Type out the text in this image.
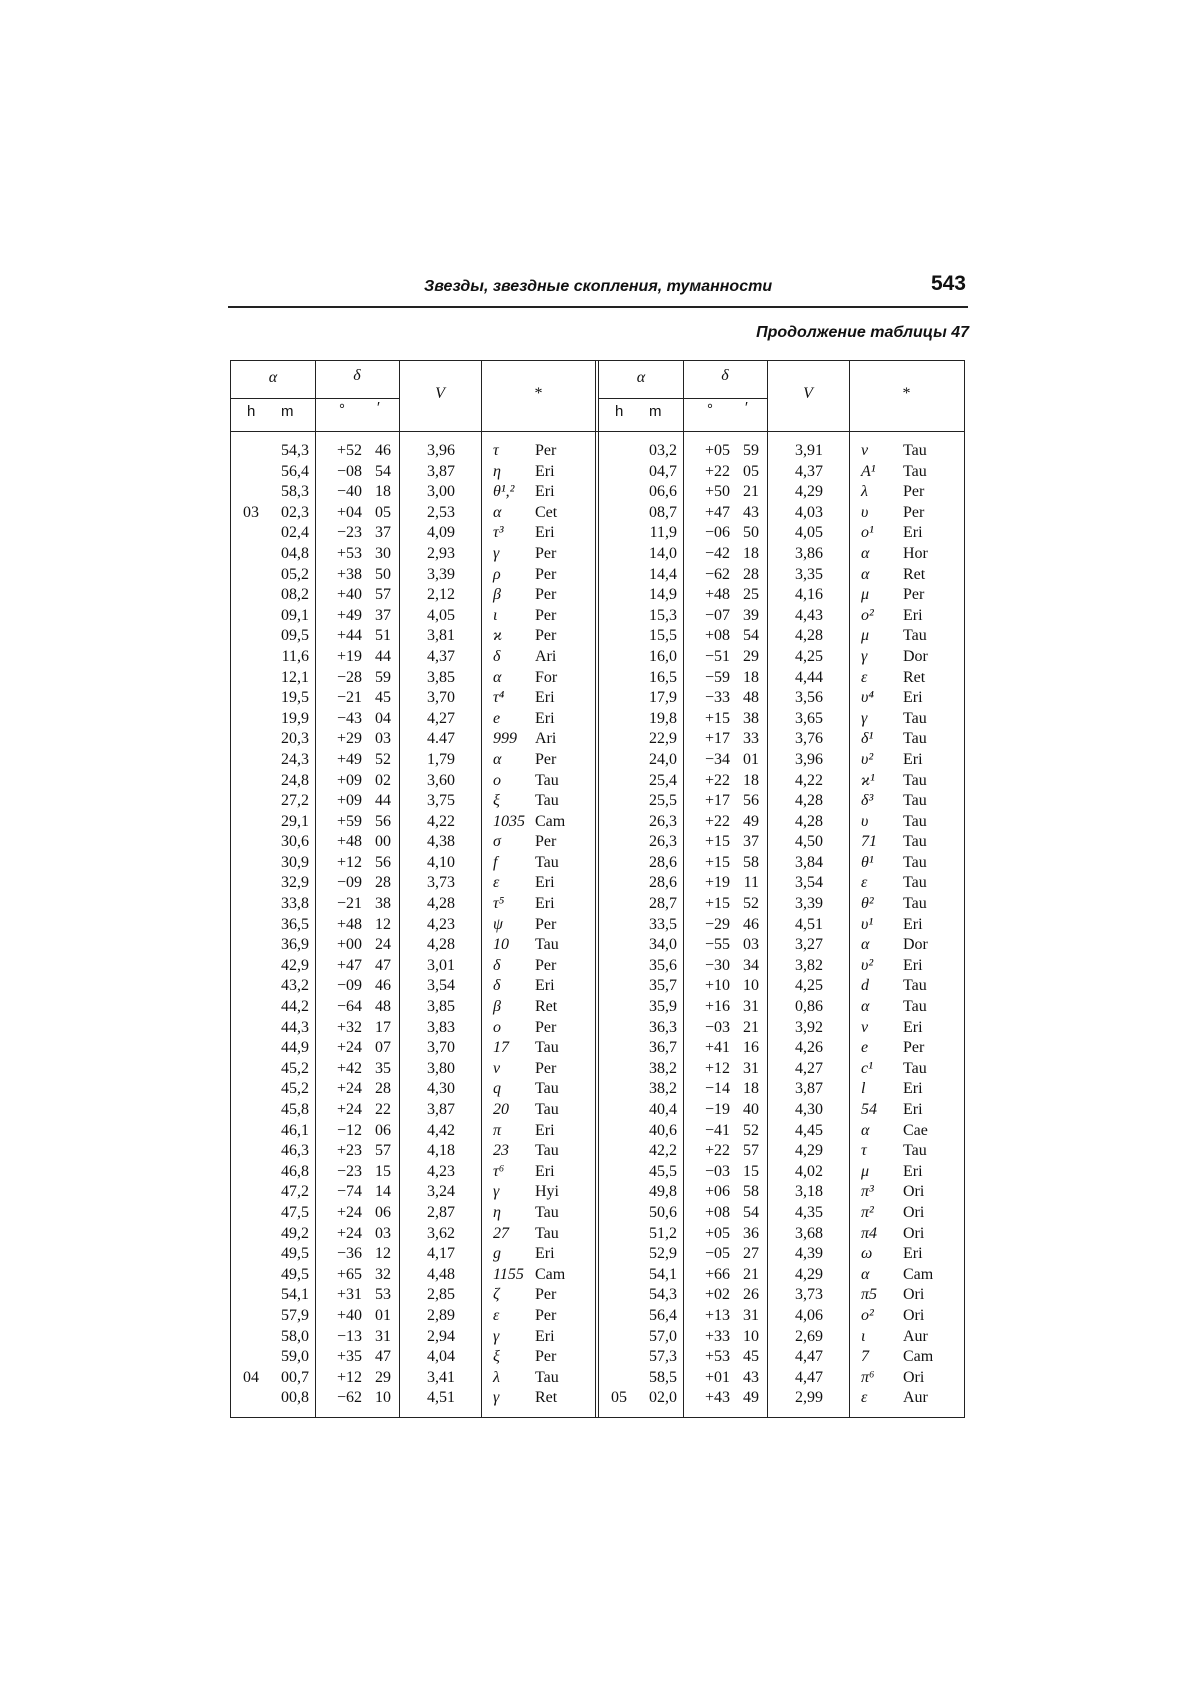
Звезды, звездные скопления, туманности	543
Продолжение таблицы 47
α	δ
V	*
h m	° ′
54,3	+52 46	3,96	τ Per
56,4	−08 54	3,87	η Eri
58,3	−40 18	3,00	θ¹,² Eri
03	02,3	+04 05	2,53	α Cet
02,4	−23 37	4,09	τ³ Eri
04,8	+53 30	2,93	γ Per
05,2	+38 50	3,39	ρ Per
08,2	+40 57	2,12	β Per
09,1	+49 37	4,05	ι Per
09,5	+44 51	3,81	ϰ Per
11,6	+19 44	4,37	δ Ari
12,1	−28 59	3,85	α For
19,5	−21 45	3,70	τ⁴ Eri
19,9	−43 04	4,27	e Eri
20,3	+29 03	4.47	999 Ari
24,3	+49 52	1,79	α Per
24,8	+09 02	3,60	o Tau
27,2	+09 44	3,75	ξ Tau
29,1	+59 56	4,22	1035 Cam
30,6	+48 00	4,38	σ Per
30,9	+12 56	4,10	f Tau
32,9	−09 28	3,73	ε Eri
33,8	−21 38	4,28	τ⁵ Eri
36,5	+48 12	4,23	ψ Per
36,9	+00 24	4,28	10 Tau
42,9	+47 47	3,01	δ Per
43,2	−09 46	3,54	δ Eri
44,2	−64 48	3,85	β Ret
44,3	+32 17	3,83	o Per
44,9	+24 07	3,70	17 Tau
45,2	+42 35	3,80	ν Per
45,2	+24 28	4,30	q Tau
45,8	+24 22	3,87	20 Tau
46,1	−12 06	4,42	π Eri
46,3	+23 57	4,18	23 Tau
46,8	−23 15	4,23	τ⁶ Eri
47,2	−74 14	3,24	γ Hyi
47,5	+24 06	2,87	η Tau
49,2	+24 03	3,62	27 Tau
49,5	−36 12	4,17	g Eri
49,5	+65 32	4,48	1155 Cam
54,1	+31 53	2,85	ζ Per
57,9	+40 01	2,89	ε Per
58,0	−13 31	2,94	γ Eri
59,0	+35 47	4,04	ξ Per
04	00,7	+12 29	3,41	λ Tau
00,8	−62 10	4,51	γ Ret
α	δ
V	*
h m	° ′
03,2	+05 59	3,91	ν Tau
04,7	+22 05	4,37	A¹ Tau
06,6	+50 21	4,29	λ Per
08,7	+47 43	4,03	υ Per
11,9	−06 50	4,05	ο¹ Eri
14,0	−42 18	3,86	α Hor
14,4	−62 28	3,35	α Ret
14,9	+48 25	4,16	μ Per
15,3	−07 39	4,43	ο² Eri
15,5	+08 54	4,28	μ Tau
16,0	−51 29	4,25	γ Dor
16,5	−59 18	4,44	ε Ret
17,9	−33 48	3,56	υ⁴ Eri
19,8	+15 38	3,65	γ Tau
22,9	+17 33	3,76	δ¹ Tau
24,0	−34 01	3,96	υ² Eri
25,4	+22 18	4,22	ϰ¹ Tau
25,5	+17 56	4,28	δ³ Tau
26,3	+22 49	4,28	υ Tau
26,3	+15 37	4,50	71 Tau
28,6	+15 58	3,84	θ¹ Tau
28,6	+19 11	3,54	ε Tau
28,7	+15 52	3,39	θ² Tau
33,5	−29 46	4,51	υ¹ Eri
34,0	−55 03	3,27	α Dor
35,6	−30 34	3,82	υ² Eri
35,7	+10 10	4,25	d Tau
35,9	+16 31	0,86	α Tau
36,3	−03 21	3,92	ν Eri
36,7	+41 16	4,26	e Per
38,2	+12 31	4,27	c¹ Tau
38,2	−14 18	3,87	l Eri
40,4	−19 40	4,30	54 Eri
40,6	−41 52	4,45	α Cae
42,2	+22 57	4,29	τ Tau
45,5	−03 15	4,02	μ Eri
49,8	+06 58	3,18	π³ Ori
50,6	+08 54	4,35	π² Ori
51,2	+05 36	3,68	π4 Ori
52,9	−05 27	4,39	ω Eri
54,1	+66 21	4,29	α Cam
54,3	+02 26	3,73	π5 Ori
56,4	+13 31	4,06	ο² Ori
57,0	+33 10	2,69	ι Aur
57,3	+53 45	4,47	7 Cam
58,5	+01 43	4,47	π⁶ Ori
05	02,0	+43 49	2,99	ε Aur
